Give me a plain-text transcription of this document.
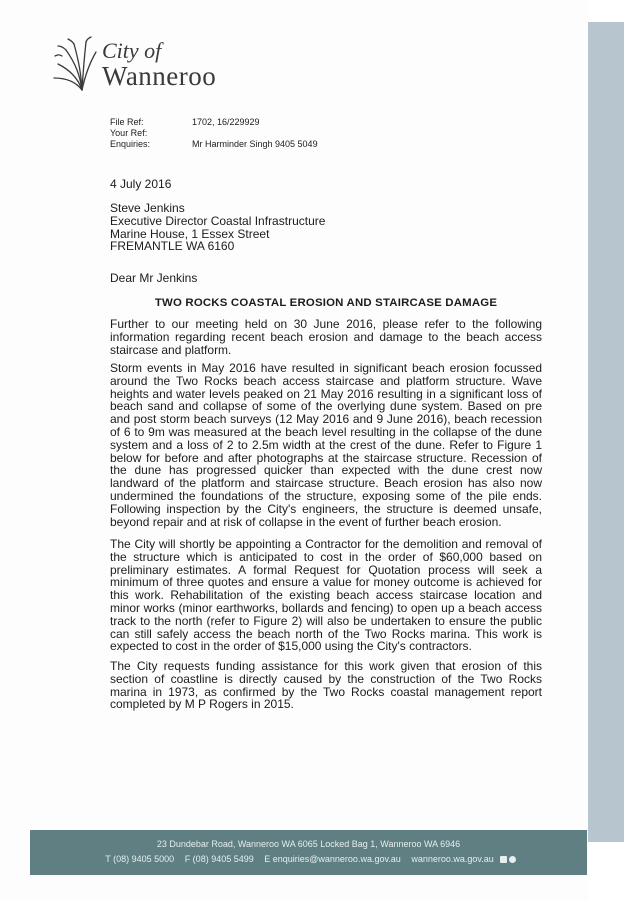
City of
Wanneroo
File Ref:	1702, 16/229929
Your Ref:
Enquiries:	Mr Harminder Singh 9405 5049
4 July 2016
Steve Jenkins
Executive Director Coastal Infrastructure
Marine House, 1 Essex Street
FREMANTLE WA 6160
Dear Mr Jenkins
TWO ROCKS COASTAL EROSION AND STAIRCASE DAMAGE
Further to our meeting held on 30 June 2016, please refer to the following information regarding recent beach erosion and damage to the beach access staircase and platform.
Storm events in May 2016 have resulted in significant beach erosion focussed around the Two Rocks beach access staircase and platform structure. Wave heights and water levels peaked on 21 May 2016 resulting in a significant loss of beach sand and collapse of some of the overlying dune system. Based on pre and post storm beach surveys (12 May 2016 and 9 June 2016), beach recession of 6 to 9m was measured at the beach level resulting in the collapse of the dune system and a loss of 2 to 2.5m width at the crest of the dune. Refer to Figure 1 below for before and after photographs at the staircase structure. Recession of the dune has progressed quicker than expected with the dune crest now landward of the platform and staircase structure. Beach erosion has also now undermined the foundations of the structure, exposing some of the pile ends. Following inspection by the City's engineers, the structure is deemed unsafe, beyond repair and at risk of collapse in the event of further beach erosion.
The City will shortly be appointing a Contractor for the demolition and removal of the structure which is anticipated to cost in the order of $60,000 based on preliminary estimates. A formal Request for Quotation process will seek a minimum of three quotes and ensure a value for money outcome is achieved for this work. Rehabilitation of the existing beach access staircase location and minor works (minor earthworks, bollards and fencing) to open up a beach access track to the north (refer to Figure 2) will also be undertaken to ensure the public can still safely access the beach north of the Two Rocks marina. This work is expected to cost in the order of $15,000 using the City's contractors.
The City requests funding assistance for this work given that erosion of this section of coastline is directly caused by the construction of the Two Rocks marina in 1973, as confirmed by the Two Rocks coastal management report completed by M P Rogers in 2015.
23 Dundebar Road, Wanneroo WA 6065 Locked Bag 1, Wanneroo WA 6946
T (08) 9405 5000 F (08) 9405 5499 E enquiries@wanneroo.wa.gov.au wanneroo.wa.gov.au
